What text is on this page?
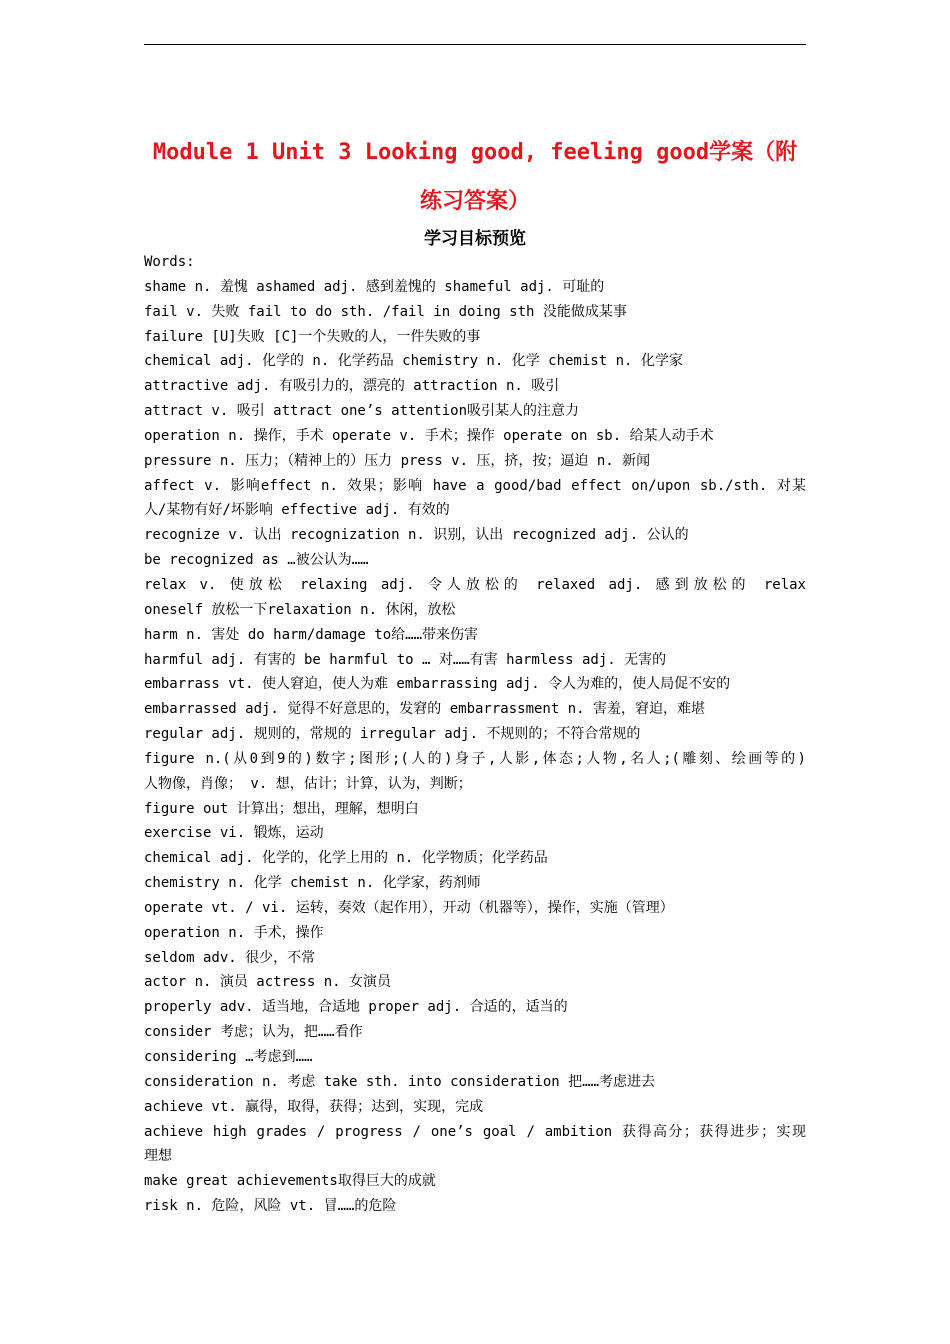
Module 1 Unit 3 Looking good, feeling good学案（附练习答案）
学习目标预览
Words:
shame n. 羞愧 ashamed adj. 感到羞愧的 shameful adj. 可耻的
fail v. 失败 fail to do sth. /fail in doing sth 没能做成某事
failure [U]失败 [C]一个失败的人，一件失败的事
chemical adj. 化学的 n. 化学药品 chemistry n. 化学 chemist n. 化学家
attractive adj. 有吸引力的，漂亮的 attraction n. 吸引
attract v. 吸引 attract one’s attention吸引某人的注意力
operation n. 操作，手术 operate v. 手术；操作 operate on sb. 给某人动手术
pressure n. 压力；（精神上的）压力 press v. 压，挤，按；逼迫 n. 新闻
affect v. 影响effect n. 效果；影响 have a good/bad effect on/upon sb./sth. 对某
人/某物有好/坏影响 effective adj. 有效的
recognize v. 认出 recognization n. 识别，认出 recognized adj. 公认的
be recognized as …被公认为……
relax v. 使放松 relaxing adj. 令人放松的 relaxed adj. 感到放松的 relax
oneself 放松一下relaxation n. 休闲，放松
harm n. 害处 do harm/damage to给……带来伤害
harmful adj. 有害的 be harmful to … 对……有害 harmless adj. 无害的
embarrass vt. 使人窘迫，使人为难 embarrassing adj. 令人为难的，使人局促不安的
embarrassed adj. 觉得不好意思的，发窘的 embarrassment n. 害羞，窘迫，难堪
regular adj. 规则的，常规的 irregular adj. 不规则的；不符合常规的
figure n.(从0到9的)数字;图形;(人的)身子,人影,体态;人物,名人;(雕刻、绘画等的)
人物像，肖像； v. 想，估计；计算，认为，判断；
figure out 计算出；想出，理解，想明白
exercise vi. 锻炼，运动
chemical adj. 化学的，化学上用的 n. 化学物质；化学药品
chemistry n. 化学 chemist n. 化学家，药剂师
operate vt. / vi. 运转，奏效（起作用），开动（机器等），操作，实施（管理）
operation n. 手术，操作
seldom adv. 很少，不常
actor n. 演员 actress n. 女演员
properly adv. 适当地，合适地 proper adj. 合适的，适当的
consider 考虑；认为，把……看作
considering …考虑到……
consideration n. 考虑 take sth. into consideration 把……考虑进去
achieve vt. 赢得，取得，获得；达到，实现，完成
achieve high grades / progress / one’s goal / ambition 获得高分；获得进步；实现
理想
make great achievements取得巨大的成就
risk n. 危险，风险 vt. 冒……的危险
